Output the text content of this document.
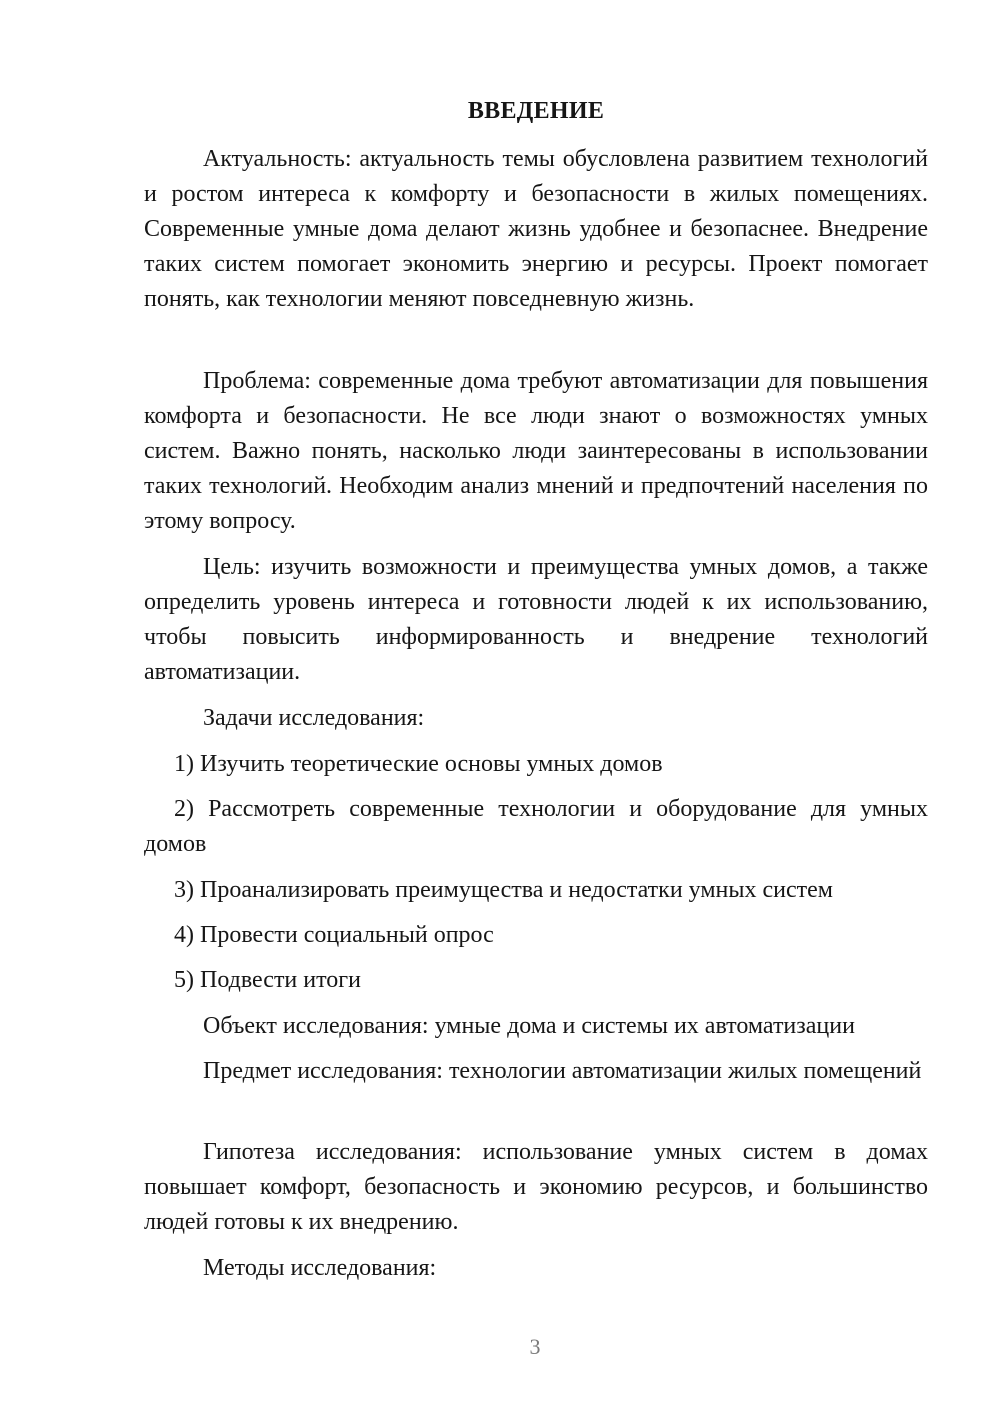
ВВЕДЕНИЕ

Актуальность: актуальность темы обусловлена развитием технологий и ростом интереса к комфорту и безопасности в жилых помещениях. Современные умные дома делают жизнь удобнее и безопаснее. Внедрение таких систем помогает экономить энергию и ресурсы. Проект помогает понять, как технологии меняют повседневную жизнь.

Проблема: современные дома требуют автоматизации для повышения комфорта и безопасности. Не все люди знают о возможностях умных систем. Важно понять, насколько люди заинтересованы в использовании таких технологий. Необходим анализ мнений и предпочтений населения по этому вопросу.

Цель: изучить возможности и преимущества умных домов, а также определить уровень интереса и готовности людей к их использованию, чтобы повысить информированность и внедрение технологий автоматизации.

Задачи исследования:

1) Изучить теоретические основы умных домов

2) Рассмотреть современные технологии и оборудование для умных домов

3) Проанализировать преимущества и недостатки умных систем

4) Провести социальный опрос

5) Подвести итоги

Объект исследования: умные дома и системы их автоматизации

Предмет исследования: технологии автоматизации жилых помещений

Гипотеза исследования: использование умных систем в домах повышает комфорт, безопасность и экономию ресурсов, и большинство людей готовы к их внедрению.

Методы исследования:

3
